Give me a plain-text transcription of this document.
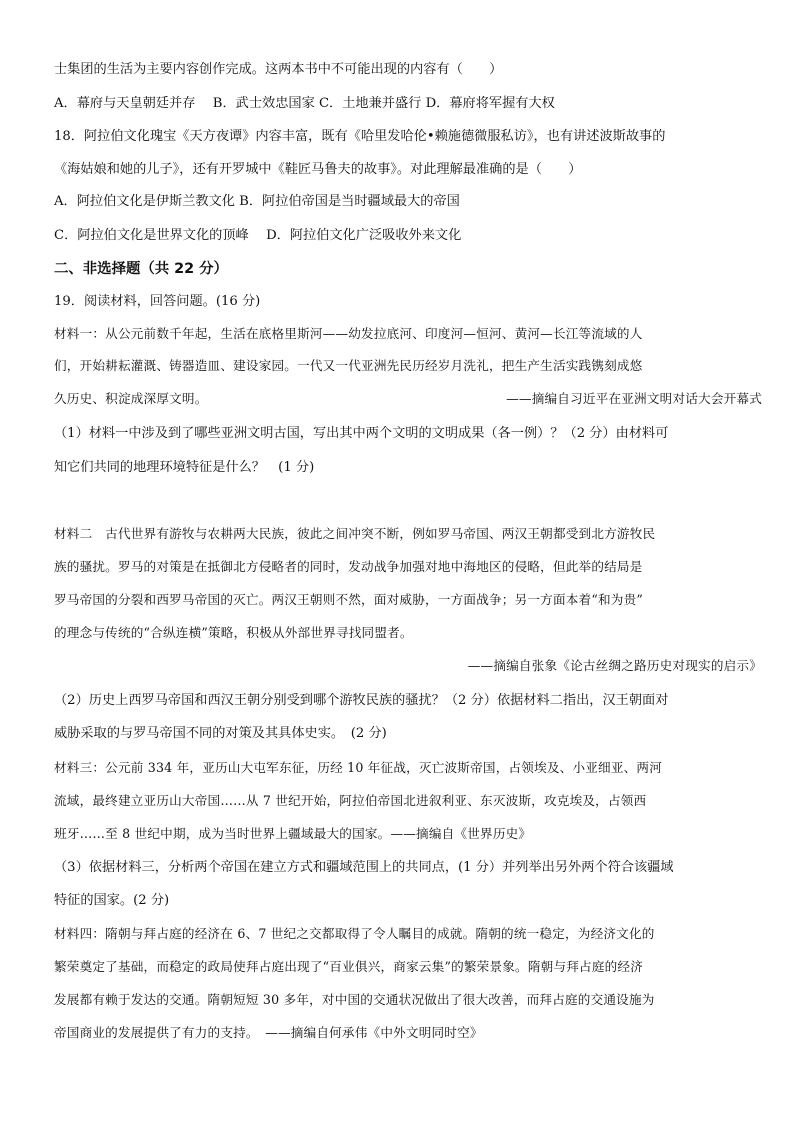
士集团的生活为主要内容创作完成。这两本书中不可能出现的内容有（　　）
A．幕府与天皇朝廷并存　 B．武士效忠国家 C．土地兼并盛行 D．幕府将军握有大权
18．阿拉伯文化瑰宝《天方夜谭》内容丰富，既有《哈里发哈伦•赖施德微服私访》，也有讲述波斯故事的
《海姑娘和她的儿子》，还有开罗城中《鞋匠马鲁夫的故事》。对此理解最准确的是（　　）
A．阿拉伯文化是伊斯兰教文化 B．阿拉伯帝国是当时疆域最大的帝国
C．阿拉伯文化是世界文化的顶峰　 D．阿拉伯文化广泛吸收外来文化
二、非选择题（共 22 分）
19．阅读材料，回答问题。(16 分)
材料一：从公元前数千年起，生活在底格里斯河——幼发拉底河、印度河—恒河、黄河—长江等流域的人
们，开始耕耘灌溉、铸器造皿、建设家园。一代又一代亚洲先民历经岁月洗礼，把生产生活实践镌刻成悠
久历史、积淀成深厚文明。	——摘编自习近平在亚洲文明对话大会开幕式
（1）材料一中涉及到了哪些亚洲文明古国，写出其中两个文明的文明成果（各一例）？（2 分）由材料可
知它们共同的地理环境特征是什么？　(1 分)
材料二　古代世界有游牧与农耕两大民族，彼此之间冲突不断，例如罗马帝国、两汉王朝都受到北方游牧民
族的骚扰。罗马的对策是在抵御北方侵略者的同时，发动战争加强对地中海地区的侵略，但此举的结局是
罗马帝国的分裂和西罗马帝国的灭亡。两汉王朝则不然，面对威胁，一方面战争；另一方面本着“和为贵”
的理念与传统的“合纵连横”策略，积极从外部世界寻找同盟者。
——摘编自张象《论古丝绸之路历史对现实的启示》
（2）历史上西罗马帝国和西汉王朝分别受到哪个游牧民族的骚扰？（2 分）依据材料二指出，汉王朝面对
威胁采取的与罗马帝国不同的对策及其具体史实。　(2 分)
材料三：公元前 334 年，亚历山大屯军东征，历经 10 年征战，灭亡波斯帝国，占领埃及、小亚细亚、两河
流域，最终建立亚历山大帝国……从 7 世纪开始，阿拉伯帝国北进叙利亚、东灭波斯，攻克埃及，占领西
班牙……至 8 世纪中期，成为当时世界上疆域最大的国家。——摘编自《世界历史》
（3）依据材料三，分析两个帝国在建立方式和疆域范围上的共同点，(1 分）并列举出另外两个符合该疆域
特征的国家。(2 分)
材料四：隋朝与拜占庭的经济在 6、7 世纪之交都取得了令人瞩目的成就。隋朝的统一稳定，为经济文化的
繁荣奠定了基础，而稳定的政局使拜占庭出现了“百业俱兴，商家云集”的繁荣景象。隋朝与拜占庭的经济
发展都有赖于发达的交通。隋朝短短 30 多年，对中国的交通状况做出了很大改善，而拜占庭的交通设施为
帝国商业的发展提供了有力的支持。　——摘编自何承伟《中外文明同时空》
